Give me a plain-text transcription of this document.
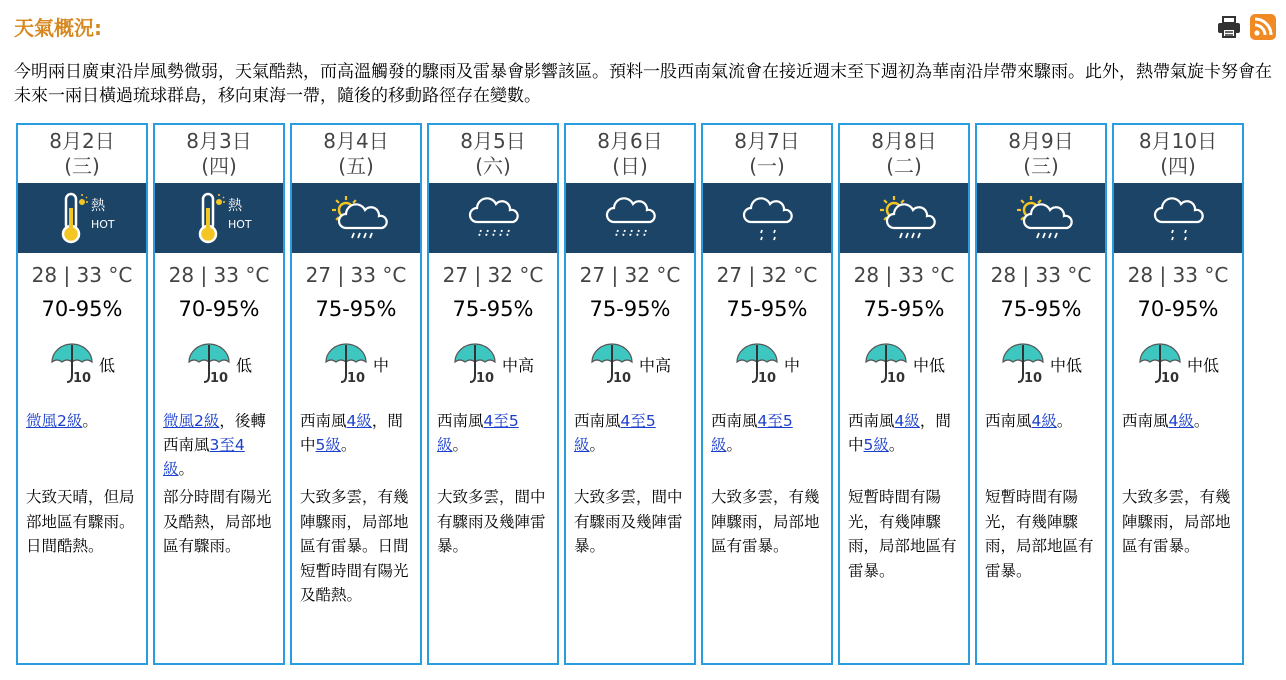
天氣概況:
今明兩日廣東沿岸風勢微弱，天氣酷熱，而高溫觸發的驟雨及雷暴會影響該區。預料一股西南氣流會在接近週末至下週初為華南沿岸帶來驟雨。此外，熱帶氣旋卡努會在未來一兩日橫過琉球群島，移向東海一帶，隨後的移動路徑存在變數。
8月2日
(三)
熱
HOT
28 | 33 °C
70-95%
10
低
微風2級。
大致天晴，但局部地區有驟雨。日間酷熱。
8月3日
(四)
熱
HOT
28 | 33 °C
70-95%
10
低
微風2級，後轉西南風3至4級。
部分時間有陽光及酷熱，局部地區有驟雨。
8月4日
(五)
27 | 33 °C
75-95%
10
中
西南風4級，間中5級。
大致多雲，有幾陣驟雨，局部地區有雷暴。日間短暫時間有陽光及酷熱。
8月5日
(六)
27 | 32 °C
75-95%
10
中高
西南風4至5級。
大致多雲，間中有驟雨及幾陣雷暴。
8月6日
(日)
27 | 32 °C
75-95%
10
中高
西南風4至5級。
大致多雲，間中有驟雨及幾陣雷暴。
8月7日
(一)
27 | 32 °C
75-95%
10
中
西南風4至5級。
大致多雲，有幾陣驟雨，局部地區有雷暴。
8月8日
(二)
28 | 33 °C
75-95%
10
中低
西南風4級，間中5級。
短暫時間有陽光，有幾陣驟雨，局部地區有雷暴。
8月9日
(三)
28 | 33 °C
75-95%
10
中低
西南風4級。
短暫時間有陽光，有幾陣驟雨，局部地區有雷暴。
8月10日
(四)
28 | 33 °C
70-95%
10
中低
西南風4級。
大致多雲，有幾陣驟雨，局部地區有雷暴。
